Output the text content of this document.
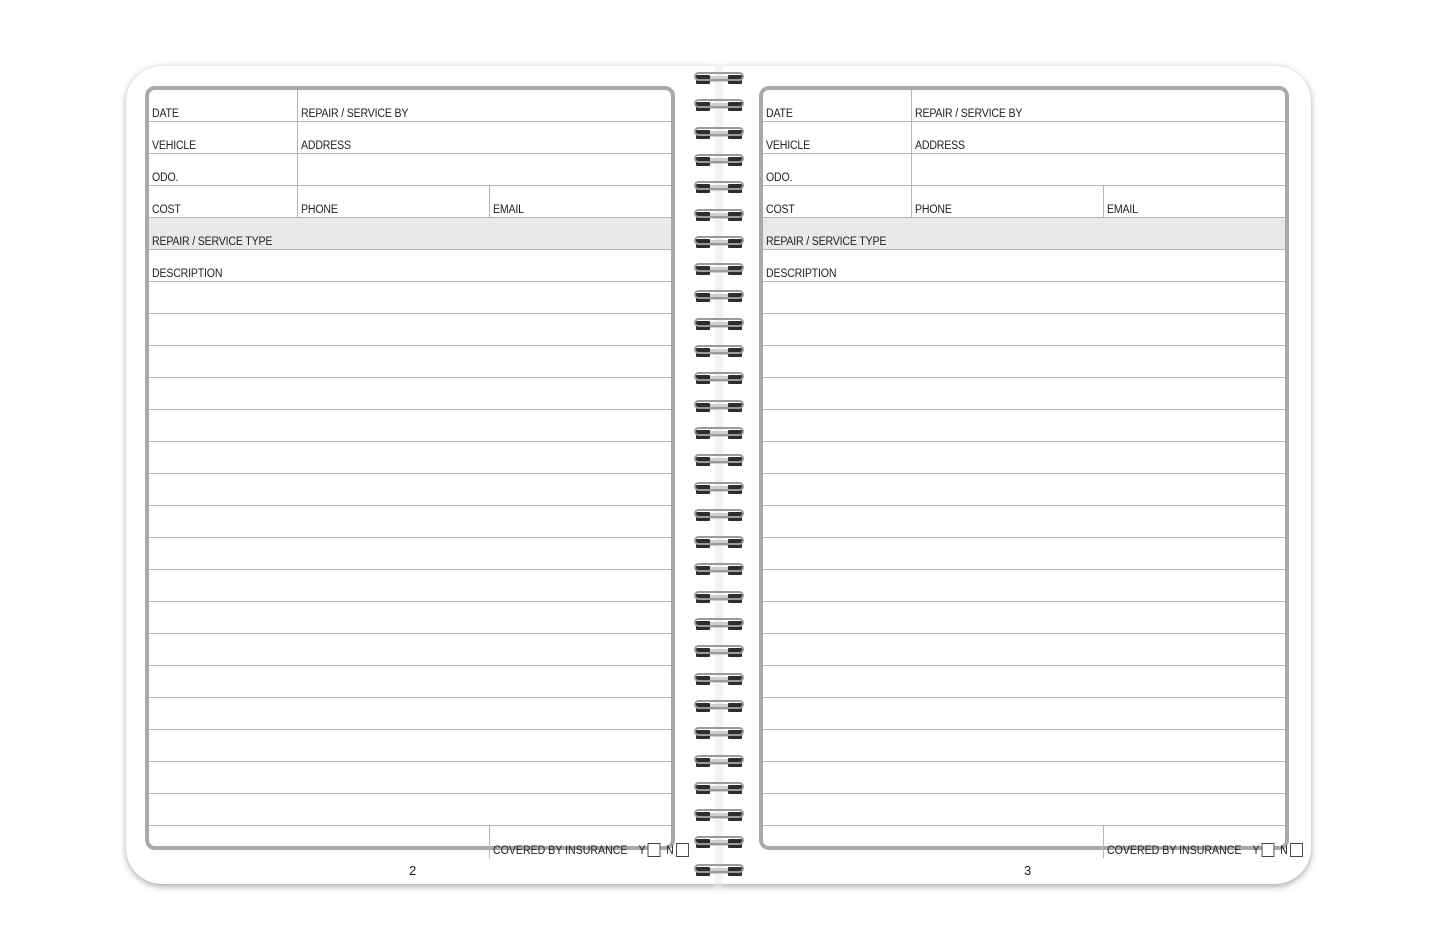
DATE	REPAIR / SERVICE BY
VEHICLE	ADDRESS
ODO.
COST	PHONE	EMAIL
REPAIR / SERVICE TYPE
DESCRIPTION
COVERED BY INSURANCE Y N
2
DATE	REPAIR / SERVICE BY
VEHICLE	ADDRESS
ODO.
COST	PHONE	EMAIL
REPAIR / SERVICE TYPE
DESCRIPTION
COVERED BY INSURANCE Y N
3
